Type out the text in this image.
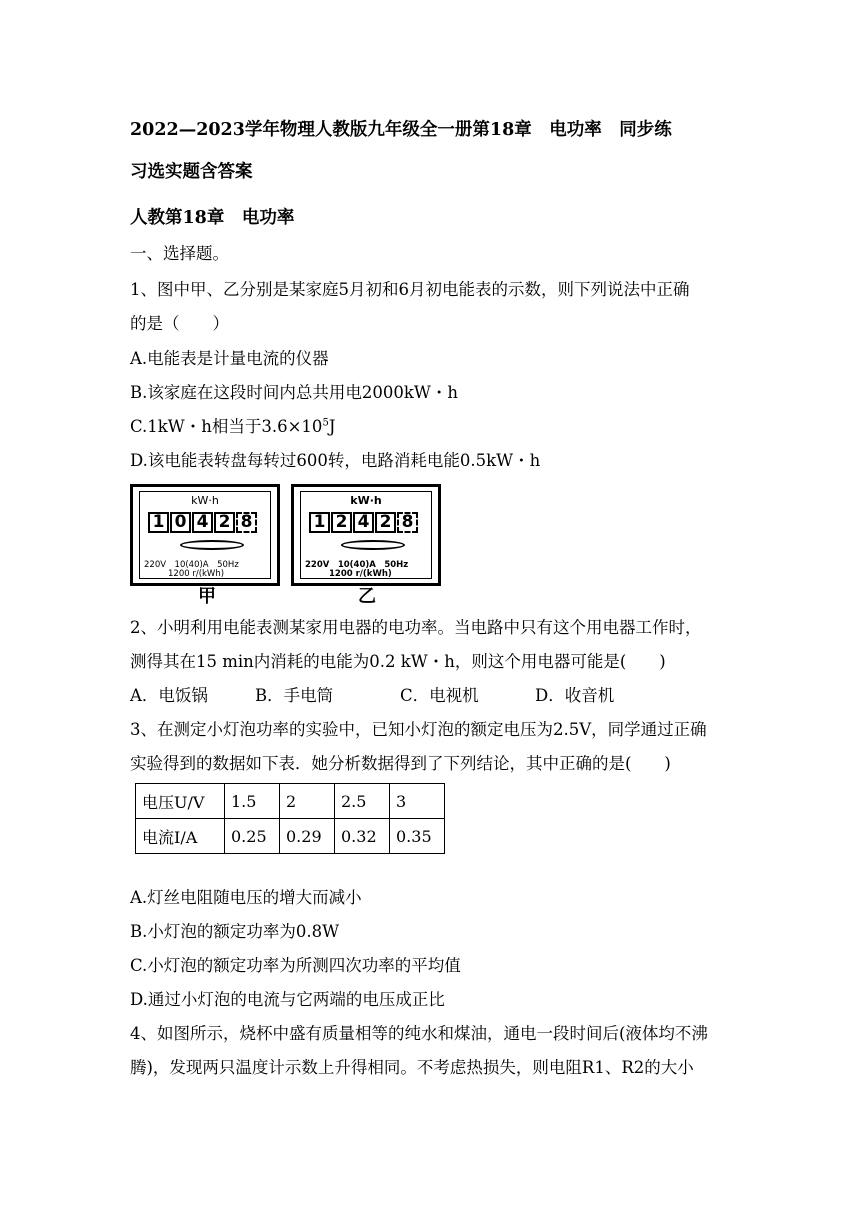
2022—2023学年物理人教版九年级全一册第18章　电功率　同步练
习选实题含答案
人教第18章　电功率
一、选择题。
1、图中甲、乙分别是某家庭5月初和6月初电能表的示数，则下列说法中正确
的是（　　）
A.电能表是计量电流的仪器
B.该家庭在这段时间内总共用电2000kW・h
C.1kW・h相当于$3.6\times 10^5J$
D.该电能表转盘每转过600转，电路消耗电能0.5kW・h
kW·h
1 0 4 2 8
220V　10(40)A　50Hz
1200 r/(kWh)
甲
kW·h
1 2 4 2 8
220V　10(40)A　50Hz
1200 r/(kWh)
乙
2、小明利用电能表测某家用电器的电功率。当电路中只有这个用电器工作时，
测得其在15 min内消耗的电能为0.2 kW・h，则这个用电器可能是(　　)
A．电饭锅	B．手电筒	C．电视机	D．收音机
3、在测定小灯泡功率的实验中，已知小灯泡的额定电压为2.5V，同学通过正确
实验得到的数据如下表．她分析数据得到了下列结论，其中正确的是(　　)
电压U/V	1.5	2	2.5	3
电流I/A	0.25	0.29	0.32	0.35
A.灯丝电阻随电压的增大而减小
B.小灯泡的额定功率为0.8W
C.小灯泡的额定功率为所测四次功率的平均值
D.通过小灯泡的电流与它两端的电压成正比
4、如图所示，烧杯中盛有质量相等的纯水和煤油，通电一段时间后(液体均不沸
腾)，发现两只温度计示数上升得相同。不考虑热损失，则电阻R1、R2的大小
